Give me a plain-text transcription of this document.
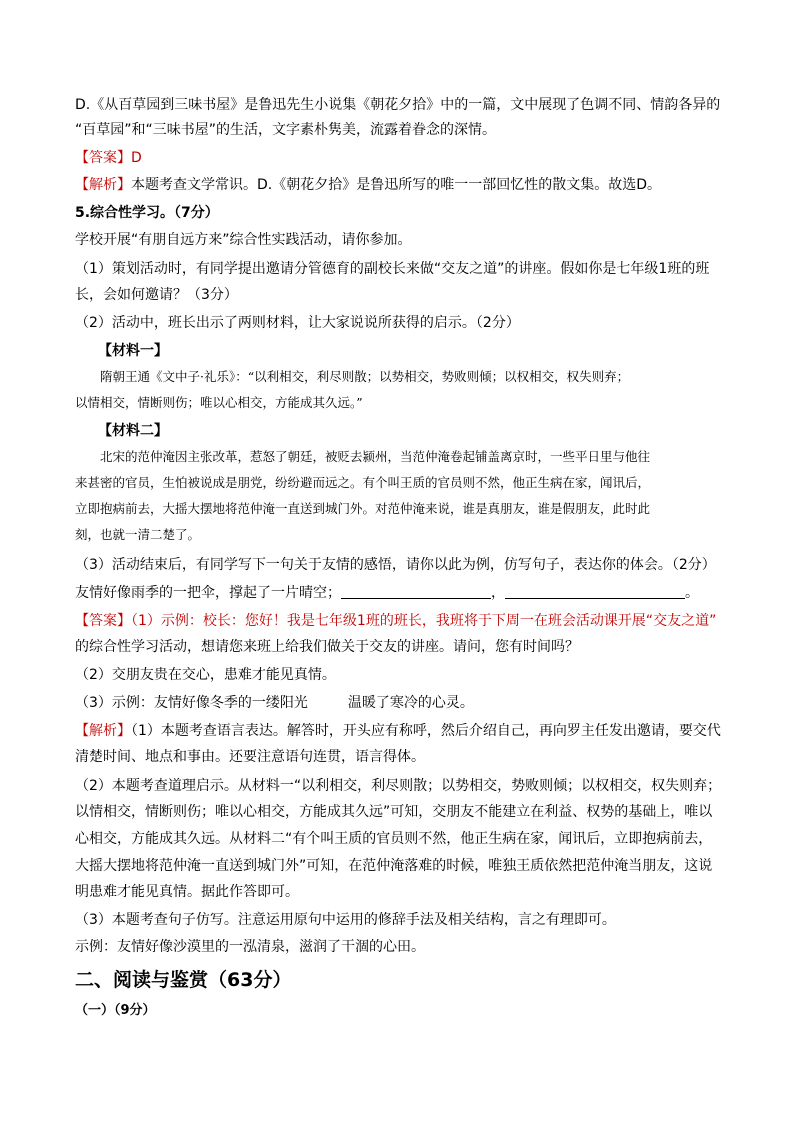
D.《从百草园到三味书屋》是鲁迅先生小说集《朝花夕拾》中的一篇，文中展现了色调不同、情韵各异的
“百草园”和“三味书屋”的生活，文字素朴隽美，流露着眷念的深情。
【答案】D
【解析】本题考查文学常识。D.《朝花夕拾》是鲁迅所写的唯一一部回忆性的散文集。故选D。
5.综合性学习。（7分）
学校开展“有朋自远方来”综合性实践活动，请你参加。
（1）策划活动时，有同学提出邀请分管德育的副校长来做“交友之道”的讲座。假如你是七年级1班的班
长，会如何邀请？（3分）
（2）活动中，班长出示了两则材料，让大家说说所获得的启示。（2分）
【材料一】
隋朝王通《文中子·礼乐》：“以利相交，利尽则散；以势相交，势败则倾；以权相交，权失则弃；
以情相交，情断则伤；唯以心相交，方能成其久远。”
【材料二】
北宋的范仲淹因主张改革，惹怒了朝廷，被贬去颍州，当范仲淹卷起铺盖离京时，一些平日里与他往
来甚密的官员，生怕被说成是朋党，纷纷避而远之。有个叫王质的官员则不然，他正生病在家，闻讯后，
立即抱病前去，大摇大摆地将范仲淹一直送到城门外。对范仲淹来说，谁是真朋友，谁是假朋友，此时此
刻，也就一清二楚了。
（3）活动结束后，有同学写下一句关于友情的感悟，请你以此为例，仿写句子，表达你的体会。（2分）
友情好像雨季的一把伞，撑起了一片晴空；	，	。
【答案】（1）示例：校长：您好！我是七年级1班的班长，我班将于下周一在班会活动课开展“交友之道”
的综合性学习活动，想请您来班上给我们做关于交友的讲座。请问，您有时间吗？
（2）交朋友贵在交心，患难才能见真情。
（3）示例：友情好像冬季的一缕阳光	温暖了寒冷的心灵。
【解析】（1）本题考查语言表达。解答时，开头应有称呼，然后介绍自己，再向罗主任发出邀请，要交代
清楚时间、地点和事由。还要注意语句连贯，语言得体。
（2）本题考查道理启示。从材料一“以利相交，利尽则散；以势相交，势败则倾；以权相交，权失则弃；
以情相交，情断则伤；唯以心相交，方能成其久远”可知，交朋友不能建立在利益、权势的基础上，唯以
心相交，方能成其久远。从材料二“有个叫王质的官员则不然，他正生病在家，闻讯后，立即抱病前去，
大摇大摆地将范仲淹一直送到城门外”可知，在范仲淹落难的时候，唯独王质依然把范仲淹当朋友，这说
明患难才能见真情。据此作答即可。
（3）本题考查句子仿写。注意运用原句中运用的修辞手法及相关结构，言之有理即可。
示例：友情好像沙漠里的一泓清泉，滋润了干涸的心田。
二、阅读与鉴赏（63分）
（一）（9分）
